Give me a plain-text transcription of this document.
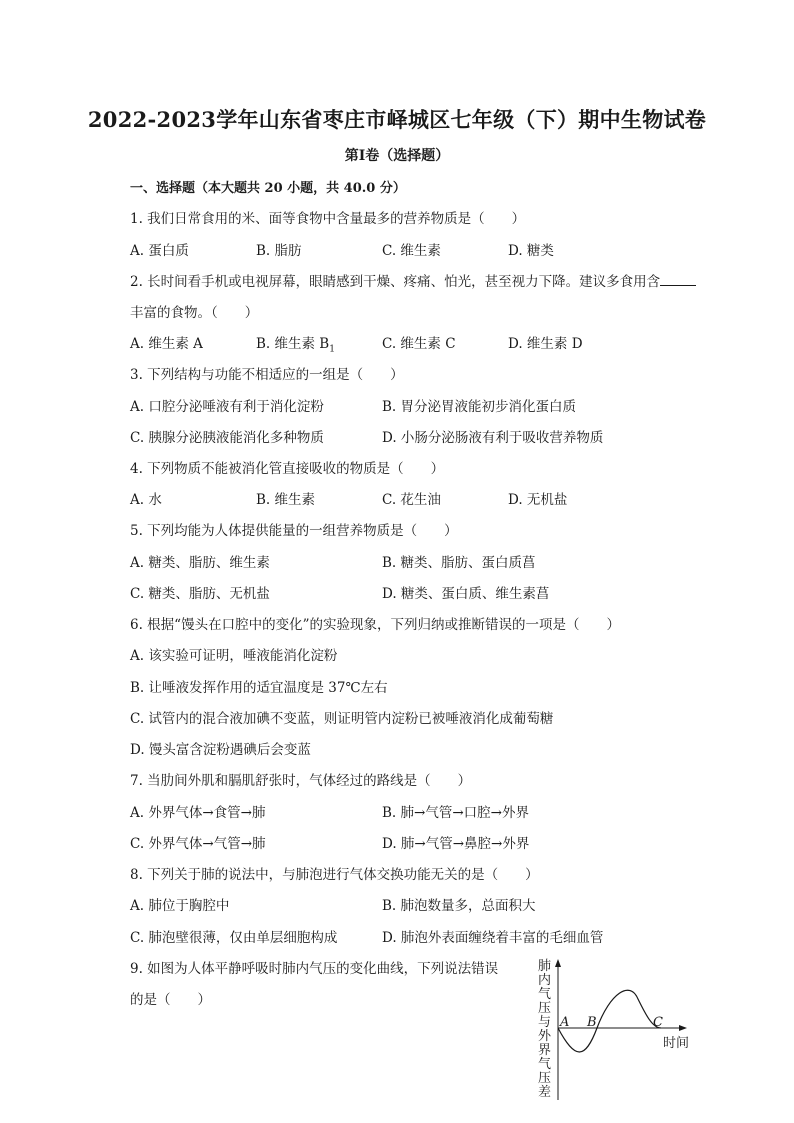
2022-2023学年山东省枣庄市峄城区七年级（下）期中生物试卷
第Ⅰ卷（选择题）
一、选择题（本大题共 20 小题，共 40.0 分）
1. 我们日常食用的米、面等食物中含量最多的营养物质是（　　）
A. 蛋白质	B. 脂肪	C. 维生素	D. 糖类
2. 长时间看手机或电视屏幕，眼睛感到干燥、疼痛、怕光，甚至视力下降。建议多食用含
丰富的食物。（　　）
A. 维生素 A	B. 维生素 $B_1$	C. 维生素 C	D. 维生素 D
3. 下列结构与功能不相适应的一组是（　　）
A. 口腔分泌唾液有利于消化淀粉	B. 胃分泌胃液能初步消化蛋白质
C. 胰腺分泌胰液能消化多种物质	D. 小肠分泌肠液有利于吸收营养物质
4. 下列物质不能被消化管直接吸收的物质是（　　）
A. 水	B. 维生素	C. 花生油	D. 无机盐
5. 下列均能为人体提供能量的一组营养物质是（　　）
A. 糖类、脂肪、维生素	B. 糖类、脂肪、蛋白质菖
C. 糖类、脂肪、无机盐	D. 糖类、蛋白质、维生素菖
6. 根据“馒头在口腔中的变化”的实验现象，下列归纳或推断错误的一项是（　　）
A. 该实验可证明，唾液能消化淀粉
B. 让唾液发挥作用的适宜温度是 37℃左右
C. 试管内的混合液加碘不变蓝，则证明管内淀粉已被唾液消化成葡萄糖
D. 馒头富含淀粉遇碘后会变蓝
7. 当肋间外肌和膈肌舒张时，气体经过的路线是（　　）
A. 外界气体→食管→肺	B. 肺→气管→口腔→外界
C. 外界气体→气管→肺	D. 肺→气管→鼻腔→外界
8. 下列关于肺的说法中，与肺泡进行气体交换功能无关的是（　　）
A. 肺位于胸腔中	B. 肺泡数量多，总面积大
C. 肺泡壁很薄，仅由单层细胞构成	D. 肺泡外表面缠绕着丰富的毛细血管
9. 如图为人体平静呼吸时肺内气压的变化曲线，下列说法错误
的是（　　）
肺
内
气
压
与
外
界
气
压
差
A B	C
时间
